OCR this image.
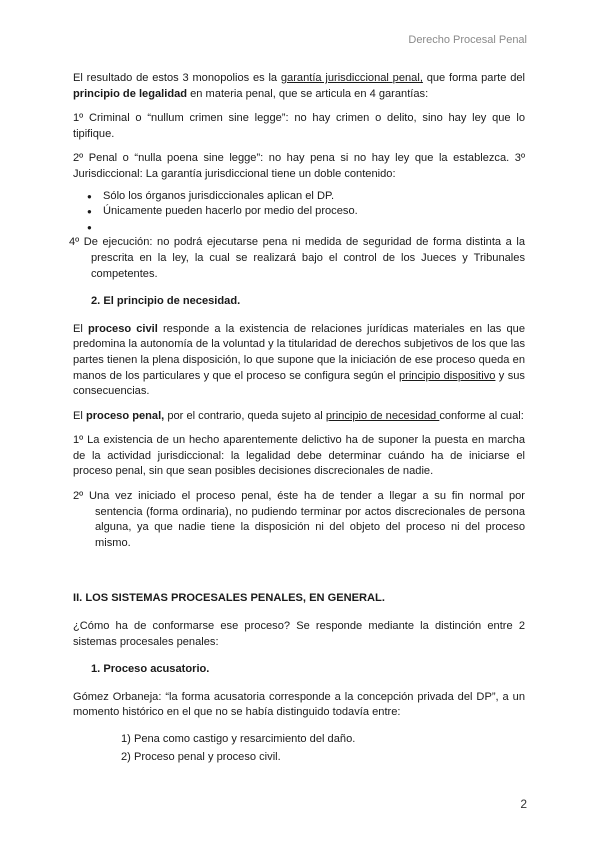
Derecho Procesal Penal

El resultado de estos 3 monopolios es la garantía jurisdiccional penal, que forma parte del principio de legalidad en materia penal, que se articula en 4 garantías:

1º Criminal o “nullum crimen sine legge”: no hay crimen o delito, sino hay ley que lo tipifique.

2º Penal o “nulla poena sine legge”: no hay pena si no hay ley que la establezca. 3º Jurisdiccional: La garantía jurisdiccional tiene un doble contenido:

● Sólo los órganos jurisdiccionales aplican el DP.
● Únicamente pueden hacerlo por medio del proceso.
●

4º De ejecución: no podrá ejecutarse pena ni medida de seguridad de forma distinta a la prescrita en la ley, la cual se realizará bajo el control de los Jueces y Tribunales competentes.

2. El principio de necesidad.

El proceso civil responde a la existencia de relaciones jurídicas materiales en las que predomina la autonomía de la voluntad y la titularidad de derechos subjetivos de los que las partes tienen la plena disposición, lo que supone que la iniciación de ese proceso queda en manos de los particulares y que el proceso se configura según el principio dispositivo y sus consecuencias.

El proceso penal, por el contrario, queda sujeto al principio de necesidad conforme al cual:

1º La existencia de un hecho aparentemente delictivo ha de suponer la puesta en marcha de la actividad jurisdiccional: la legalidad debe determinar cuándo ha de iniciarse el proceso penal, sin que sean posibles decisiones discrecionales de nadie.

2º Una vez iniciado el proceso penal, éste ha de tender a llegar a su fin normal por sentencia (forma ordinaria), no pudiendo terminar por actos discrecionales de persona alguna, ya que nadie tiene la disposición ni del objeto del proceso ni del proceso mismo.

II. LOS SISTEMAS PROCESALES PENALES, EN GENERAL.

¿Cómo ha de conformarse ese proceso? Se responde mediante la distinción entre 2 sistemas procesales penales:

1. Proceso acusatorio.

Gómez Orbaneja: “la forma acusatoria corresponde a la concepción privada del DP”, a un momento histórico en el que no se había distinguido todavía entre:

1) Pena como castigo y resarcimiento del daño.
2) Proceso penal y proceso civil.
2
